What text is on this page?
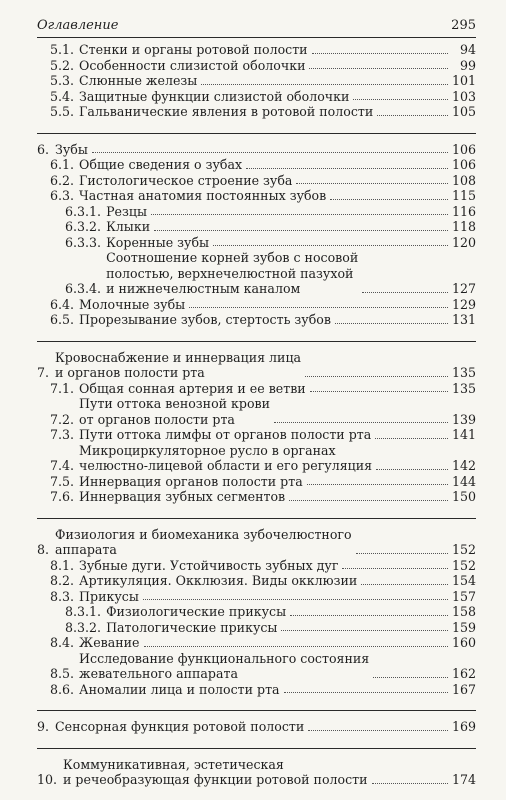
Оглавление	295
5.1. Стенки и органы ротовой полости	94
5.2. Особенности слизистой оболочки	99
5.3. Слюнные железы	101
5.4. Защитные функции слизистой оболочки	103
5.5. Гальванические явления в ротовой полости	105
6. Зубы	106
6.1. Общие сведения о зубах	106
6.2. Гистологическое строение зуба	108
6.3. Частная анатомия постоянных зубов	115
6.3.1. Резцы	116
6.3.2. Клыки	118
6.3.3. Коренные зубы	120
6.3.4.
Соотношение корней зубов с носовой
полостью, верхнечелюстной пазухой
и нижнечелюстным каналом	127
6.4. Молочные зубы	129
6.5. Прорезывание зубов, стертость зубов	131
7.
Кровоснабжение и иннервация лица
и органов полости рта	135
7.1. Общая сонная артерия и ее ветви	135
7.2.
Пути оттока венозной крови
от органов полости рта	139
7.3. Пути оттока лимфы от органов полости рта	141
7.4.
Микроциркуляторное русло в органах
челюстно-лицевой области и его регуляция	142
7.5. Иннервация органов полости рта	144
7.6. Иннервация зубных сегментов	150
8.
Физиология и биомеханика зубочелюстного
аппарата	152
8.1. Зубные дуги. Устойчивость зубных дуг	152
8.2. Артикуляция. Окклюзия. Виды окклюзии	154
8.3. Прикусы	157
8.3.1. Физиологические прикусы	158
8.3.2. Патологические прикусы	159
8.4. Жевание	160
8.5.
Исследование функционального состояния
жевательного аппарата	162
8.6. Аномалии лица и полости рта	167
9. Сенсорная функция ротовой полости	169
10.
Коммуникативная, эстетическая
и речеобразующая функции ротовой полости	174
